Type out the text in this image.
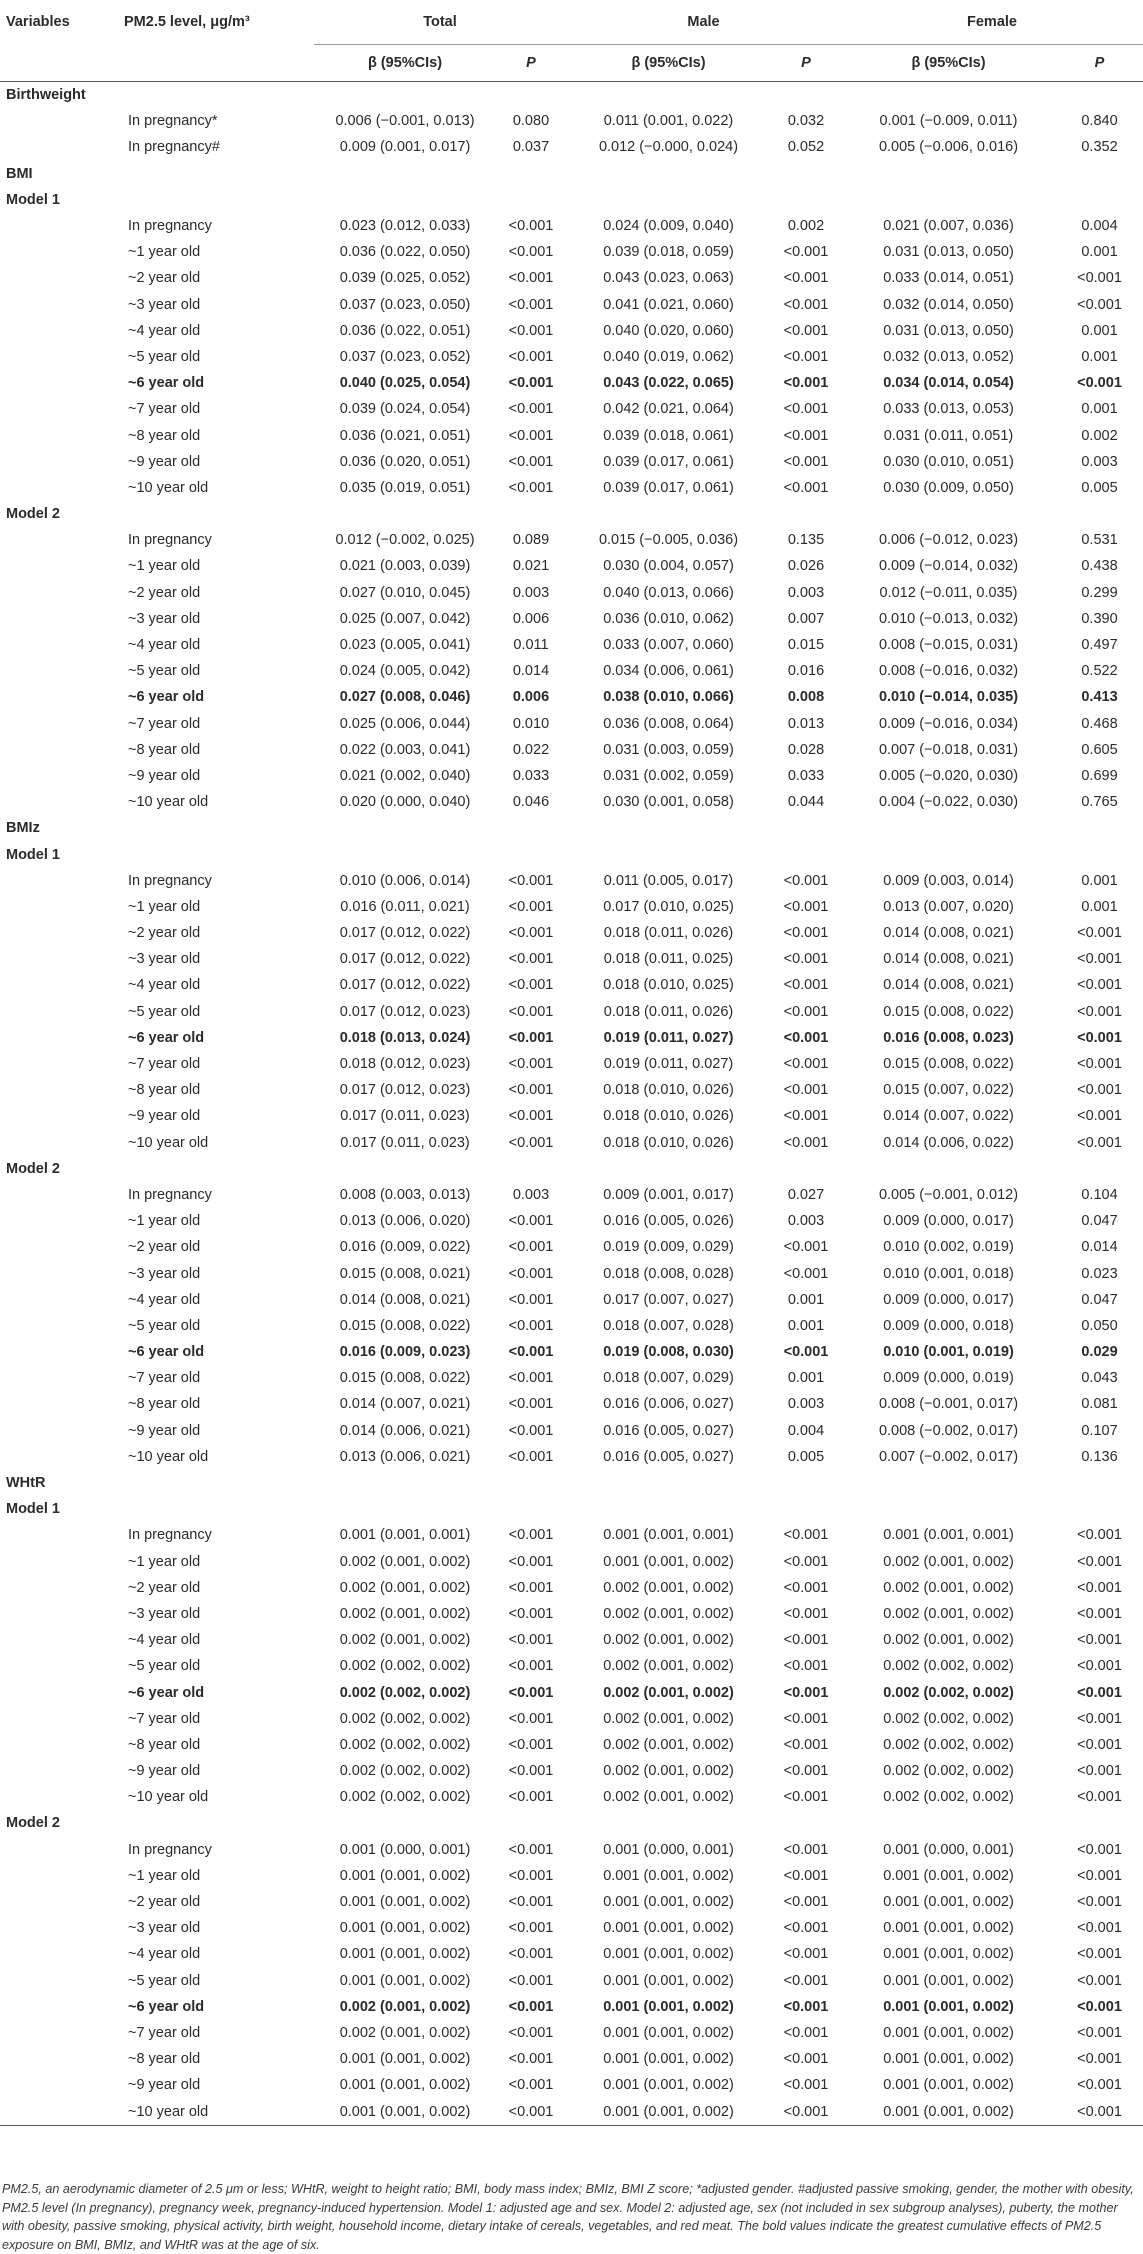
Variables	PM2.5 level, μg/m³	Total		Male		Female	
		β (95%CIs)	P	β (95%CIs)	P	β (95%CIs)	P
Birthweight							
	In pregnancy*	0.006 (−0.001, 0.013)	0.080	0.011 (0.001, 0.022)	0.032	0.001 (−0.009, 0.011)	0.840
	In pregnancy#	0.009 (0.001, 0.017)	0.037	0.012 (−0.000, 0.024)	0.052	0.005 (−0.006, 0.016)	0.352
BMI							
Model 1							
	In pregnancy	0.023 (0.012, 0.033)	<0.001	0.024 (0.009, 0.040)	0.002	0.021 (0.007, 0.036)	0.004
	~1 year old	0.036 (0.022, 0.050)	<0.001	0.039 (0.018, 0.059)	<0.001	0.031 (0.013, 0.050)	0.001
	~2 year old	0.039 (0.025, 0.052)	<0.001	0.043 (0.023, 0.063)	<0.001	0.033 (0.014, 0.051)	<0.001
	~3 year old	0.037 (0.023, 0.050)	<0.001	0.041 (0.021, 0.060)	<0.001	0.032 (0.014, 0.050)	<0.001
	~4 year old	0.036 (0.022, 0.051)	<0.001	0.040 (0.020, 0.060)	<0.001	0.031 (0.013, 0.050)	0.001
	~5 year old	0.037 (0.023, 0.052)	<0.001	0.040 (0.019, 0.062)	<0.001	0.032 (0.013, 0.052)	0.001
	~6 year old	0.040 (0.025, 0.054)	<0.001	0.043 (0.022, 0.065)	<0.001	0.034 (0.014, 0.054)	<0.001
	~7 year old	0.039 (0.024, 0.054)	<0.001	0.042 (0.021, 0.064)	<0.001	0.033 (0.013, 0.053)	0.001
	~8 year old	0.036 (0.021, 0.051)	<0.001	0.039 (0.018, 0.061)	<0.001	0.031 (0.011, 0.051)	0.002
	~9 year old	0.036 (0.020, 0.051)	<0.001	0.039 (0.017, 0.061)	<0.001	0.030 (0.010, 0.051)	0.003
	~10 year old	0.035 (0.019, 0.051)	<0.001	0.039 (0.017, 0.061)	<0.001	0.030 (0.009, 0.050)	0.005
Model 2							
	In pregnancy	0.012 (−0.002, 0.025)	0.089	0.015 (−0.005, 0.036)	0.135	0.006 (−0.012, 0.023)	0.531
	~1 year old	0.021 (0.003, 0.039)	0.021	0.030 (0.004, 0.057)	0.026	0.009 (−0.014, 0.032)	0.438
	~2 year old	0.027 (0.010, 0.045)	0.003	0.040 (0.013, 0.066)	0.003	0.012 (−0.011, 0.035)	0.299
	~3 year old	0.025 (0.007, 0.042)	0.006	0.036 (0.010, 0.062)	0.007	0.010 (−0.013, 0.032)	0.390
	~4 year old	0.023 (0.005, 0.041)	0.011	0.033 (0.007, 0.060)	0.015	0.008 (−0.015, 0.031)	0.497
	~5 year old	0.024 (0.005, 0.042)	0.014	0.034 (0.006, 0.061)	0.016	0.008 (−0.016, 0.032)	0.522
	~6 year old	0.027 (0.008, 0.046)	0.006	0.038 (0.010, 0.066)	0.008	0.010 (−0.014, 0.035)	0.413
	~7 year old	0.025 (0.006, 0.044)	0.010	0.036 (0.008, 0.064)	0.013	0.009 (−0.016, 0.034)	0.468
	~8 year old	0.022 (0.003, 0.041)	0.022	0.031 (0.003, 0.059)	0.028	0.007 (−0.018, 0.031)	0.605
	~9 year old	0.021 (0.002, 0.040)	0.033	0.031 (0.002, 0.059)	0.033	0.005 (−0.020, 0.030)	0.699
	~10 year old	0.020 (0.000, 0.040)	0.046	0.030 (0.001, 0.058)	0.044	0.004 (−0.022, 0.030)	0.765
BMIz							
Model 1							
	In pregnancy	0.010 (0.006, 0.014)	<0.001	0.011 (0.005, 0.017)	<0.001	0.009 (0.003, 0.014)	0.001
	~1 year old	0.016 (0.011, 0.021)	<0.001	0.017 (0.010, 0.025)	<0.001	0.013 (0.007, 0.020)	0.001
	~2 year old	0.017 (0.012, 0.022)	<0.001	0.018 (0.011, 0.026)	<0.001	0.014 (0.008, 0.021)	<0.001
	~3 year old	0.017 (0.012, 0.022)	<0.001	0.018 (0.011, 0.025)	<0.001	0.014 (0.008, 0.021)	<0.001
	~4 year old	0.017 (0.012, 0.022)	<0.001	0.018 (0.010, 0.025)	<0.001	0.014 (0.008, 0.021)	<0.001
	~5 year old	0.017 (0.012, 0.023)	<0.001	0.018 (0.011, 0.026)	<0.001	0.015 (0.008, 0.022)	<0.001
	~6 year old	0.018 (0.013, 0.024)	<0.001	0.019 (0.011, 0.027)	<0.001	0.016 (0.008, 0.023)	<0.001
	~7 year old	0.018 (0.012, 0.023)	<0.001	0.019 (0.011, 0.027)	<0.001	0.015 (0.008, 0.022)	<0.001
	~8 year old	0.017 (0.012, 0.023)	<0.001	0.018 (0.010, 0.026)	<0.001	0.015 (0.007, 0.022)	<0.001
	~9 year old	0.017 (0.011, 0.023)	<0.001	0.018 (0.010, 0.026)	<0.001	0.014 (0.007, 0.022)	<0.001
	~10 year old	0.017 (0.011, 0.023)	<0.001	0.018 (0.010, 0.026)	<0.001	0.014 (0.006, 0.022)	<0.001
Model 2							
	In pregnancy	0.008 (0.003, 0.013)	0.003	0.009 (0.001, 0.017)	0.027	0.005 (−0.001, 0.012)	0.104
	~1 year old	0.013 (0.006, 0.020)	<0.001	0.016 (0.005, 0.026)	0.003	0.009 (0.000, 0.017)	0.047
	~2 year old	0.016 (0.009, 0.022)	<0.001	0.019 (0.009, 0.029)	<0.001	0.010 (0.002, 0.019)	0.014
	~3 year old	0.015 (0.008, 0.021)	<0.001	0.018 (0.008, 0.028)	<0.001	0.010 (0.001, 0.018)	0.023
	~4 year old	0.014 (0.008, 0.021)	<0.001	0.017 (0.007, 0.027)	0.001	0.009 (0.000, 0.017)	0.047
	~5 year old	0.015 (0.008, 0.022)	<0.001	0.018 (0.007, 0.028)	0.001	0.009 (0.000, 0.018)	0.050
	~6 year old	0.016 (0.009, 0.023)	<0.001	0.019 (0.008, 0.030)	<0.001	0.010 (0.001, 0.019)	0.029
	~7 year old	0.015 (0.008, 0.022)	<0.001	0.018 (0.007, 0.029)	0.001	0.009 (0.000, 0.019)	0.043
	~8 year old	0.014 (0.007, 0.021)	<0.001	0.016 (0.006, 0.027)	0.003	0.008 (−0.001, 0.017)	0.081
	~9 year old	0.014 (0.006, 0.021)	<0.001	0.016 (0.005, 0.027)	0.004	0.008 (−0.002, 0.017)	0.107
	~10 year old	0.013 (0.006, 0.021)	<0.001	0.016 (0.005, 0.027)	0.005	0.007 (−0.002, 0.017)	0.136
WHtR							
Model 1							
	In pregnancy	0.001 (0.001, 0.001)	<0.001	0.001 (0.001, 0.001)	<0.001	0.001 (0.001, 0.001)	<0.001
	~1 year old	0.002 (0.001, 0.002)	<0.001	0.001 (0.001, 0.002)	<0.001	0.002 (0.001, 0.002)	<0.001
	~2 year old	0.002 (0.001, 0.002)	<0.001	0.002 (0.001, 0.002)	<0.001	0.002 (0.001, 0.002)	<0.001
	~3 year old	0.002 (0.001, 0.002)	<0.001	0.002 (0.001, 0.002)	<0.001	0.002 (0.001, 0.002)	<0.001
	~4 year old	0.002 (0.001, 0.002)	<0.001	0.002 (0.001, 0.002)	<0.001	0.002 (0.001, 0.002)	<0.001
	~5 year old	0.002 (0.002, 0.002)	<0.001	0.002 (0.001, 0.002)	<0.001	0.002 (0.002, 0.002)	<0.001
	~6 year old	0.002 (0.002, 0.002)	<0.001	0.002 (0.001, 0.002)	<0.001	0.002 (0.002, 0.002)	<0.001
	~7 year old	0.002 (0.002, 0.002)	<0.001	0.002 (0.001, 0.002)	<0.001	0.002 (0.002, 0.002)	<0.001
	~8 year old	0.002 (0.002, 0.002)	<0.001	0.002 (0.001, 0.002)	<0.001	0.002 (0.002, 0.002)	<0.001
	~9 year old	0.002 (0.002, 0.002)	<0.001	0.002 (0.001, 0.002)	<0.001	0.002 (0.002, 0.002)	<0.001
	~10 year old	0.002 (0.002, 0.002)	<0.001	0.002 (0.001, 0.002)	<0.001	0.002 (0.002, 0.002)	<0.001
Model 2							
	In pregnancy	0.001 (0.000, 0.001)	<0.001	0.001 (0.000, 0.001)	<0.001	0.001 (0.000, 0.001)	<0.001
	~1 year old	0.001 (0.001, 0.002)	<0.001	0.001 (0.001, 0.002)	<0.001	0.001 (0.001, 0.002)	<0.001
	~2 year old	0.001 (0.001, 0.002)	<0.001	0.001 (0.001, 0.002)	<0.001	0.001 (0.001, 0.002)	<0.001
	~3 year old	0.001 (0.001, 0.002)	<0.001	0.001 (0.001, 0.002)	<0.001	0.001 (0.001, 0.002)	<0.001
	~4 year old	0.001 (0.001, 0.002)	<0.001	0.001 (0.001, 0.002)	<0.001	0.001 (0.001, 0.002)	<0.001
	~5 year old	0.001 (0.001, 0.002)	<0.001	0.001 (0.001, 0.002)	<0.001	0.001 (0.001, 0.002)	<0.001
	~6 year old	0.002 (0.001, 0.002)	<0.001	0.001 (0.001, 0.002)	<0.001	0.001 (0.001, 0.002)	<0.001
	~7 year old	0.002 (0.001, 0.002)	<0.001	0.001 (0.001, 0.002)	<0.001	0.001 (0.001, 0.002)	<0.001
	~8 year old	0.001 (0.001, 0.002)	<0.001	0.001 (0.001, 0.002)	<0.001	0.001 (0.001, 0.002)	<0.001
	~9 year old	0.001 (0.001, 0.002)	<0.001	0.001 (0.001, 0.002)	<0.001	0.001 (0.001, 0.002)	<0.001
	~10 year old	0.001 (0.001, 0.002)	<0.001	0.001 (0.001, 0.002)	<0.001	0.001 (0.001, 0.002)	<0.001
PM2.5, an aerodynamic diameter of 2.5 μm or less; WHtR, weight to height ratio; BMI, body mass index; BMIz, BMI Z score; *adjusted gender. #adjusted passive smoking, gender, the mother with obesity, PM2.5 level (In pregnancy), pregnancy week, pregnancy-induced hypertension. Model 1: adjusted age and sex. Model 2: adjusted age, sex (not included in sex subgroup analyses), puberty, the mother with obesity, passive smoking, physical activity, birth weight, household income, dietary intake of cereals, vegetables, and red meat. The bold values indicate the greatest cumulative effects of PM2.5 exposure on BMI, BMIz, and WHtR was at the age of six.
